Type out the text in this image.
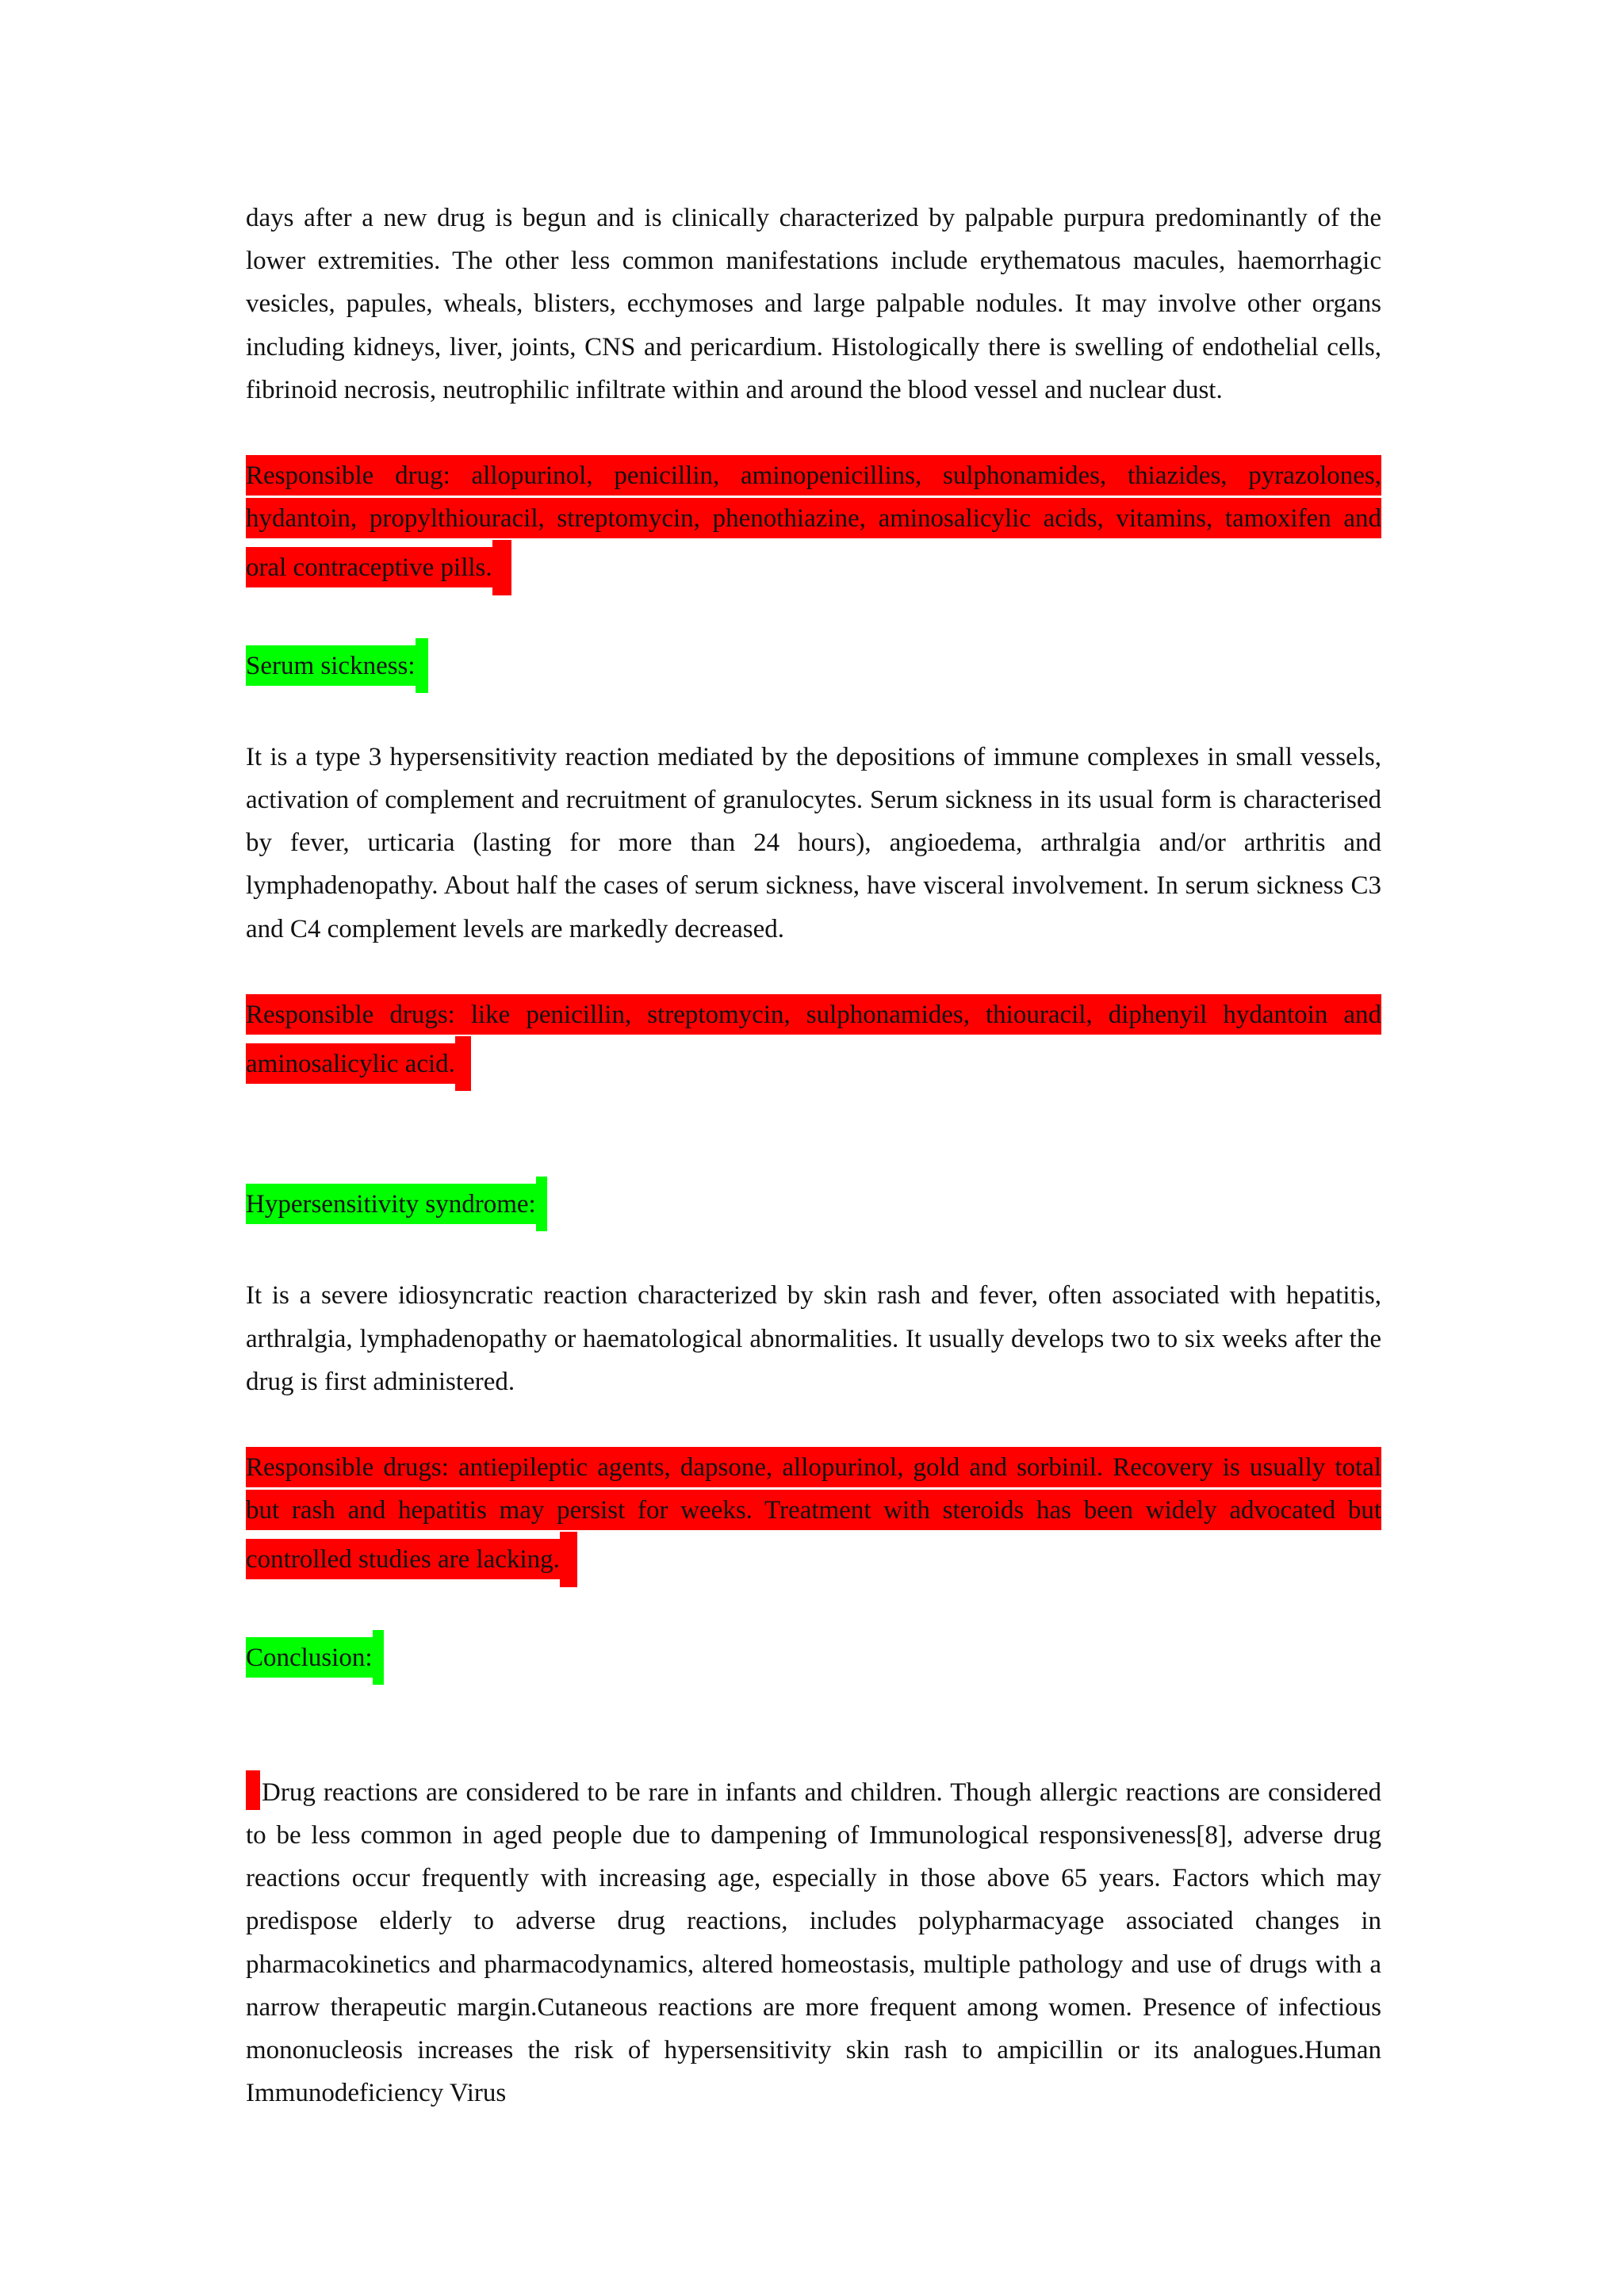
days after a new drug is begun and is clinically characterized by palpable purpura predominantly of the lower extremities. The other less common manifestations include erythematous macules, haemorrhagic vesicles, papules, wheals, blisters, ecchymoses and large palpable nodules. It may involve other organs including kidneys, liver, joints, CNS and pericardium. Histologically there is swelling of endothelial cells, fibrinoid necrosis, neutrophilic infiltrate within and around the blood vessel and nuclear dust.

Responsible drug: allopurinol, penicillin, aminopenicillins, sulphonamides, thiazides, pyrazolones, hydantoin, propylthiouracil, streptomycin, phenothiazine, aminosalicylic acids, vitamins, tamoxifen and oral contraceptive pills.

Serum sickness:

It is a type 3 hypersensitivity reaction mediated by the depositions of immune complexes in small vessels, activation of complement and recruitment of granulocytes. Serum sickness in its usual form is characterised by fever, urticaria (lasting for more than 24 hours), angioedema, arthralgia and/or arthritis and lymphadenopathy. About half the cases of serum sickness, have visceral involvement. In serum sickness C3 and C4 complement levels are markedly decreased.

Responsible drugs: like penicillin, streptomycin, sulphonamides, thiouracil, diphenyil hydantoin and aminosalicylic acid.

Hypersensitivity syndrome:

It is a severe idiosyncratic reaction characterized by skin rash and fever, often associated with hepatitis, arthralgia, lymphadenopathy or haematological abnormalities. It usually develops two to six weeks after the drug is first administered.

Responsible drugs: antiepileptic agents, dapsone, allopurinol, gold and sorbinil. Recovery is usually total but rash and hepatitis may persist for weeks. Treatment with steroids has been widely advocated but controlled studies are lacking.

Conclusion:

Drug reactions are considered to be rare in infants and children. Though allergic reactions are considered to be less common in aged people due to dampening of Immunological responsiveness[8], adverse drug reactions occur frequently with increasing age, especially in those above 65 years. Factors which may predispose elderly to adverse drug reactions, includes polypharmacyage associated changes in pharmacokinetics and pharmacodynamics, altered homeostasis, multiple pathology and use of drugs with a narrow therapeutic margin.Cutaneous reactions are more frequent among women. Presence of infectious mononucleosis increases the risk of hypersensitivity skin rash to ampicillin or its analogues.Human Immunodeficiency Virus
